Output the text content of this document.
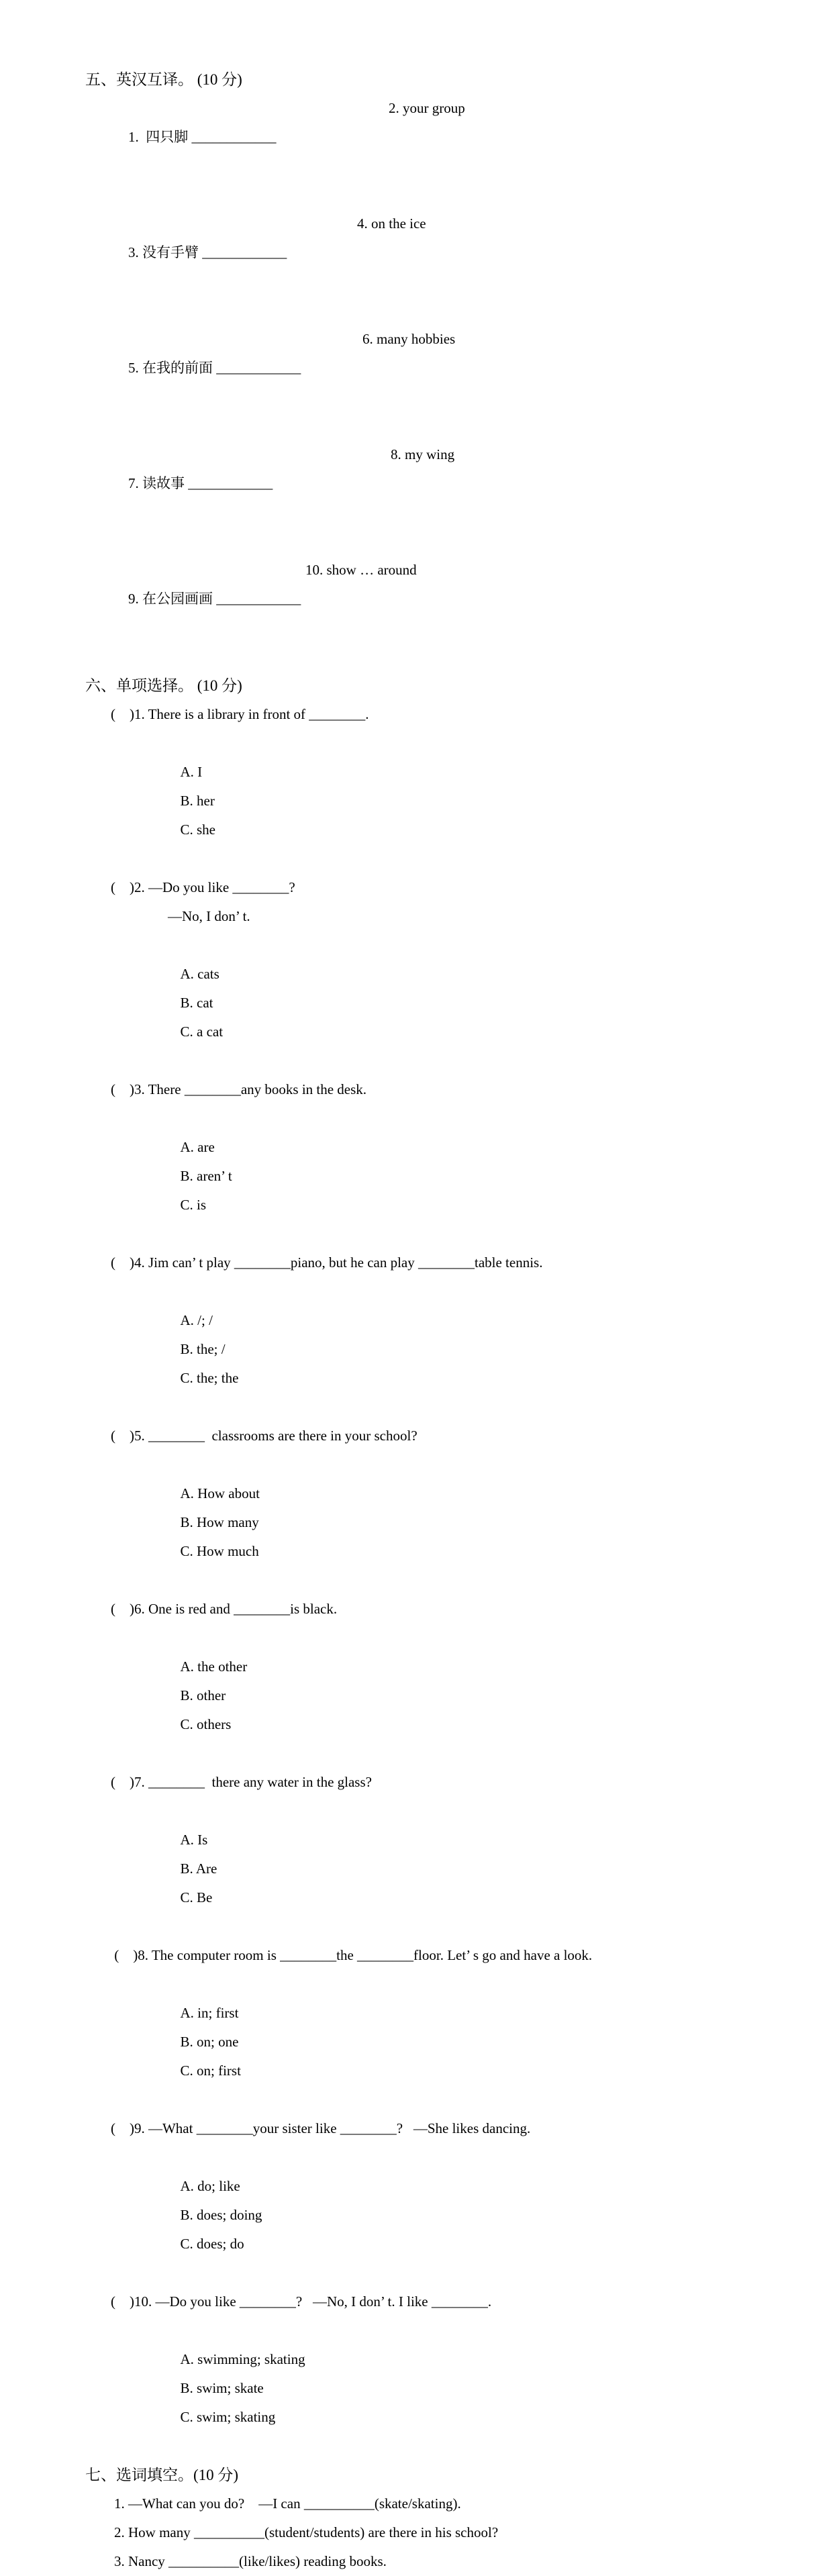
五、英汉互译。 (10 分)

1.  四只脚 ____________

2. your group

3. 没有手臂 ____________

4. on the ice

5. 在我的前面 ____________

6. many hobbies

7. 读故事 ____________

8. my wing

9. 在公园画画 ____________

10. show … around

六、单项选择。 (10 分)
(    )1. There is a library in front of ________.

A. I
B. her
C. she

(    )2. —Do you like ________?
—No, I don’ t.

A. cats
B. cat
C. a cat

(    )3. There ________any books in the desk.

A. are
B. aren’ t
C. is

(    )4. Jim can’ t play ________piano, but he can play ________table tennis.

A. /; /
B. the; /
C. the; the

(    )5. ________  classrooms are there in your school?

A. How about
B. How many
C. How much

(    )6. One is red and ________is black.

A. the other
B. other
C. others

(    )7. ________  there any water in the glass?

A. Is
B. Are
C. Be

(    )8. The computer room is ________the ________floor. Let’ s go and have a look.

A. in; first
B. on; one
C. on; first

(    )9. —What ________your sister like ________?   —She likes dancing.

A. do; like
B. does; doing
C. does; do

(    )10. —Do you like ________?   —No, I don’ t. I like ________.

A. swimming; skating
B. swim; skate
C. swim; skating

七、选词填空。(10 分)
1. —What can you do?    —I can __________(skate/skating).
2. How many __________(student/students) are there in his school?
3. Nancy __________(like/likes) reading books.
